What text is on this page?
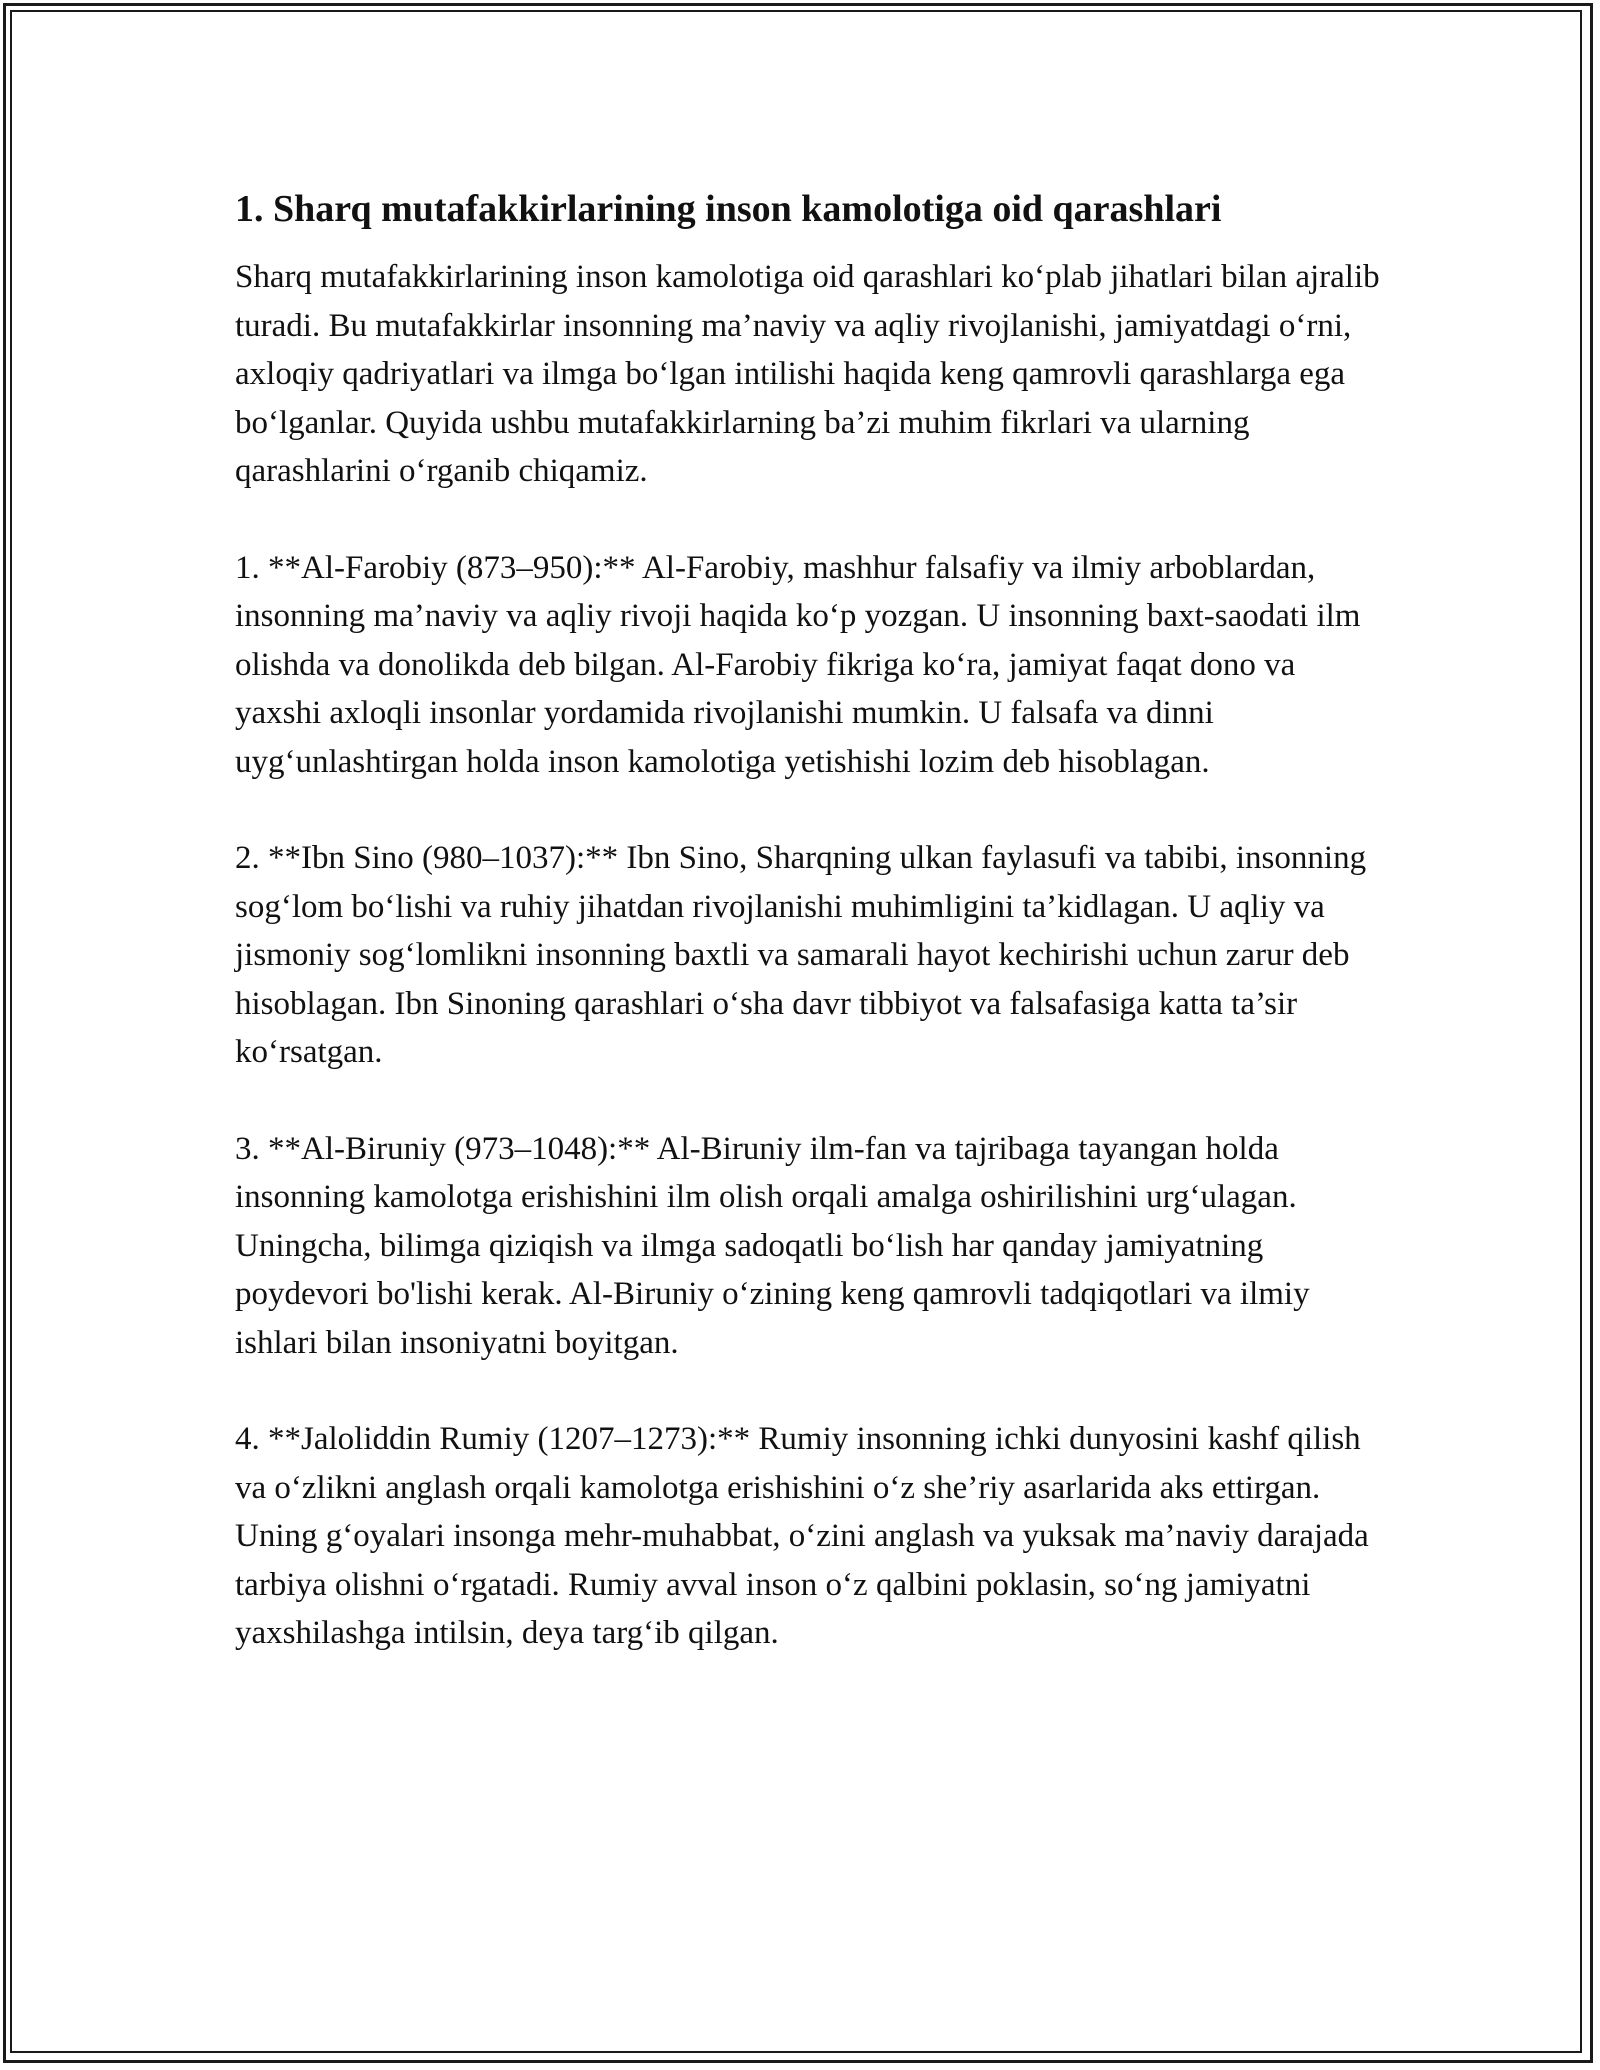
1. Sharq mutafakkirlarining inson kamolotiga oid qarashlari

Sharq mutafakkirlarining inson kamolotiga oid qarashlari ko‘plab jihatlari bilan ajralib turadi. Bu mutafakkirlar insonning ma’naviy va aqliy rivojlanishi, jamiyatdagi o‘rni, axloqiy qadriyatlari va ilmga bo‘lgan intilishi haqida keng qamrovli qarashlarga ega bo‘lganlar. Quyida ushbu mutafakkirlarning ba’zi muhim fikrlari va ularning qarashlarini o‘rganib chiqamiz.

1. **Al-Farobiy (873–950):** Al-Farobiy, mashhur falsafiy va ilmiy arboblardan, insonning ma’naviy va aqliy rivoji haqida ko‘p yozgan. U insonning baxt-saodati ilm olishda va donolikda deb bilgan. Al-Farobiy fikriga ko‘ra, jamiyat faqat dono va yaxshi axloqli insonlar yordamida rivojlanishi mumkin. U falsafa va dinni uyg‘unlashtirgan holda inson kamolotiga yetishishi lozim deb hisoblagan.

2. **Ibn Sino (980–1037):** Ibn Sino, Sharqning ulkan faylasufi va tabibi, insonning sog‘lom bo‘lishi va ruhiy jihatdan rivojlanishi muhimligini ta’kidlagan. U aqliy va jismoniy sog‘lomlikni insonning baxtli va samarali hayot kechirishi uchun zarur deb hisoblagan. Ibn Sinoning qarashlari o‘sha davr tibbiyot va falsafasiga katta ta’sir ko‘rsatgan.

3. **Al-Biruniy (973–1048):** Al-Biruniy ilm-fan va tajribaga tayangan holda insonning kamolotga erishishini ilm olish orqali amalga oshirilishini urg‘ulagan. Uningcha, bilimga qiziqish va ilmga sadoqatli bo‘lish har qanday jamiyatning poydevori bo'lishi kerak. Al-Biruniy o‘zining keng qamrovli tadqiqotlari va ilmiy ishlari bilan insoniyatni boyitgan.

4. **Jaloliddin Rumiy (1207–1273):** Rumiy insonning ichki dunyosini kashf qilish va o‘zlikni anglash orqali kamolotga erishishini o‘z she’riy asarlarida aks ettirgan. Uning g‘oyalari insonga mehr-muhabbat, o‘zini anglash va yuksak ma’naviy darajada tarbiya olishni o‘rgatadi. Rumiy avval inson o‘z qalbini poklasin, so‘ng jamiyatni yaxshilashga intilsin, deya targ‘ib qilgan.
